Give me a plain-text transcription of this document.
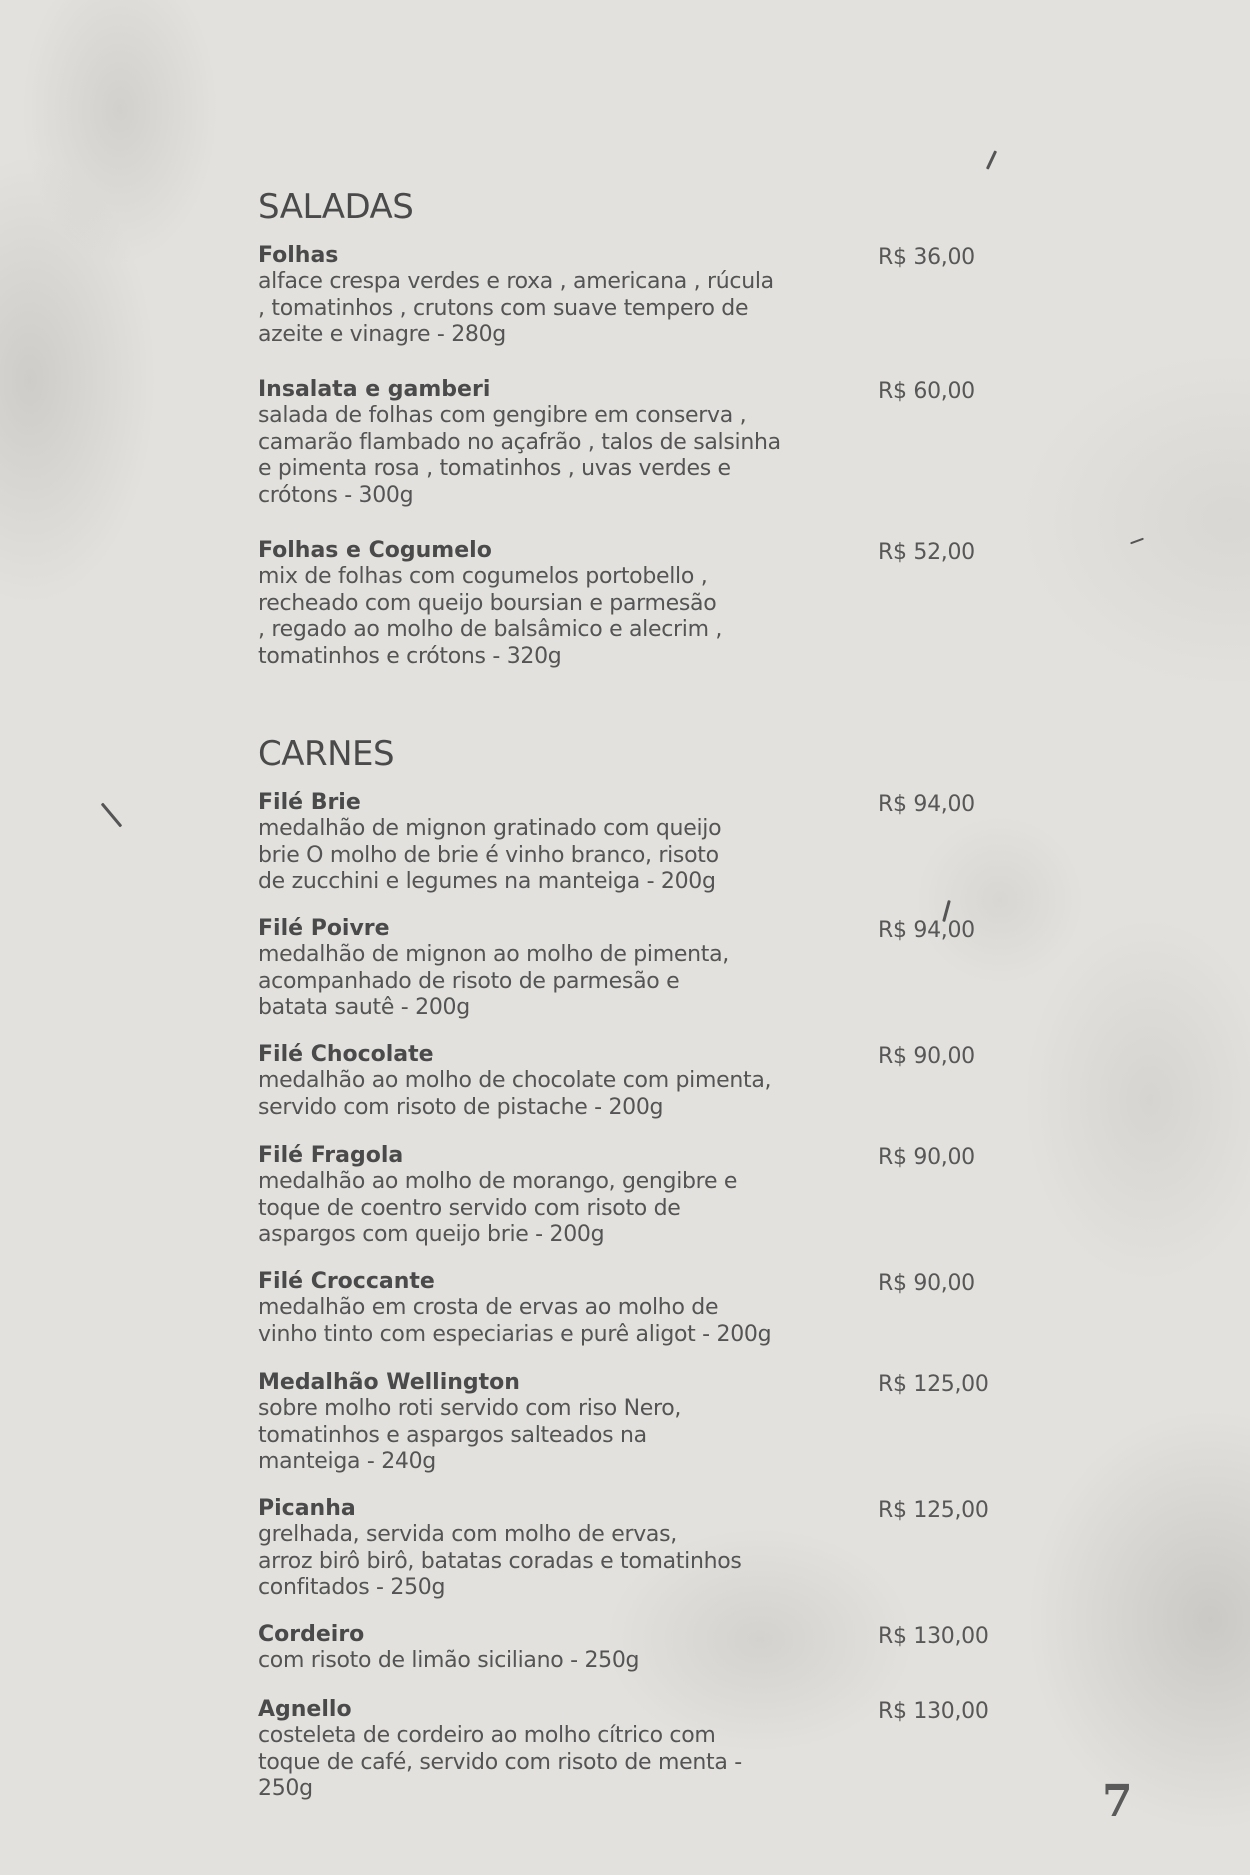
SALADAS
Folhas
alface crespa verdes e roxa , americana , rúcula
, tomatinhos , crutons com suave tempero de
azeite e vinagre - 280g
R$ 36,00
Insalata e gamberi
salada de folhas com gengibre em conserva ,
camarão flambado no açafrão , talos de salsinha
e pimenta rosa , tomatinhos , uvas verdes e
crótons - 300g
R$ 60,00
Folhas e Cogumelo
mix de folhas com cogumelos portobello ,
recheado com queijo boursian e parmesão
, regado ao molho de balsâmico e alecrim ,
tomatinhos e crótons - 320g
R$ 52,00
CARNES
Filé Brie
medalhão de mignon gratinado com queijo
brie O molho de brie é vinho branco, risoto
de zucchini e legumes na manteiga - 200g
R$ 94,00
Filé Poivre
medalhão de mignon ao molho de pimenta,
acompanhado de risoto de parmesão e
batata sautê - 200g
R$ 94,00
Filé Chocolate
medalhão ao molho de chocolate com pimenta,
servido com risoto de pistache - 200g
R$ 90,00
Filé Fragola
medalhão ao molho de morango, gengibre e
toque de coentro servido com risoto de
aspargos com queijo brie - 200g
R$ 90,00
Filé Croccante
medalhão em crosta de ervas ao molho de
vinho tinto com especiarias e purê aligot - 200g
R$ 90,00
Medalhão Wellington
sobre molho roti servido com riso Nero,
tomatinhos e aspargos salteados na
manteiga - 240g
R$ 125,00
Picanha
grelhada, servida com molho de ervas,
arroz birô birô, batatas coradas e tomatinhos
confitados - 250g
R$ 125,00
Cordeiro
com risoto de limão siciliano - 250g
R$ 130,00
Agnello
costeleta de cordeiro ao molho cítrico com
toque de café, servido com risoto de menta -
250g
R$ 130,00
7
